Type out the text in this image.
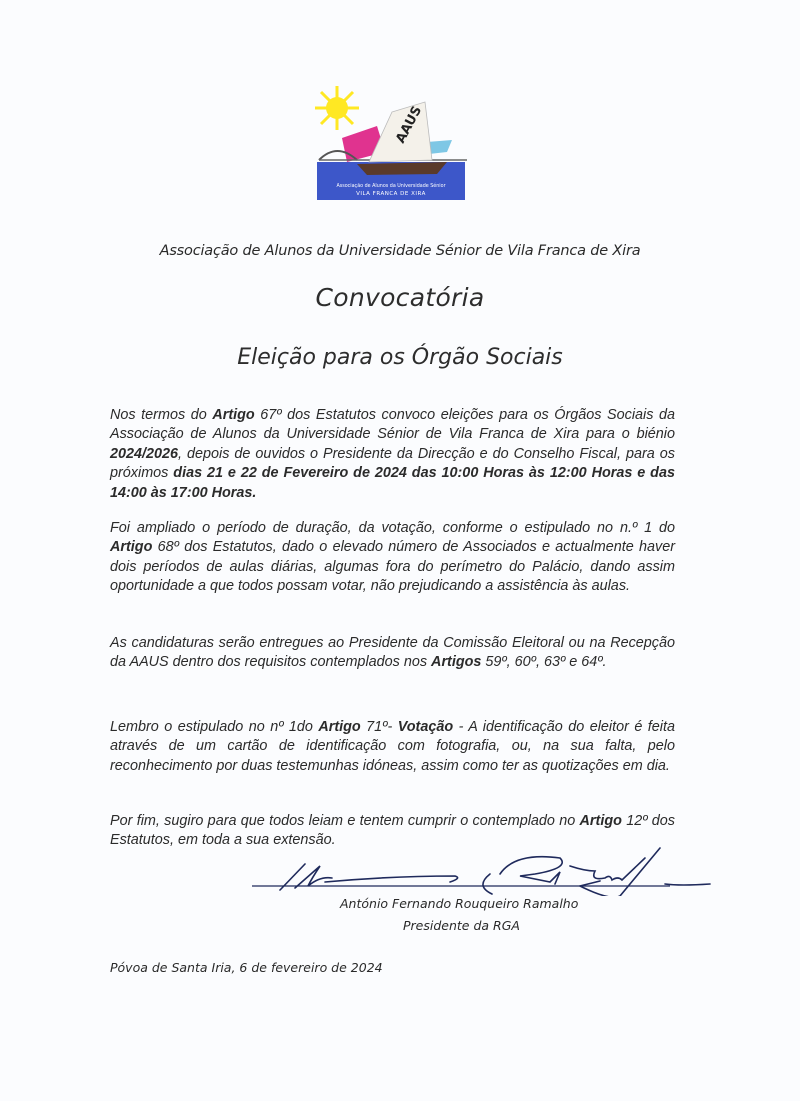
AAUS
Associação de Alunos da Universidade Sénior
VILA FRANCA DE XIRA
Associação de Alunos da Universidade Sénior de Vila Franca de Xira
Convocatória
Eleição para os Órgão Sociais

Nos termos do Artigo 67º dos Estatutos convoco eleições para os Órgãos Sociais da Associação de Alunos da Universidade Sénior de Vila Franca de Xira para o biénio 2024/2026, depois de ouvidos o Presidente da Direcção e do Conselho Fiscal, para os próximos dias 21 e 22 de Fevereiro de 2024 das 10:00 Horas às 12:00 Horas e das 14:00 às 17:00 Horas.

Foi ampliado o período de duração, da votação, conforme o estipulado no n.º 1 do Artigo 68º dos Estatutos, dado o elevado número de Associados e actualmente haver dois períodos de aulas diárias, algumas fora do perímetro do Palácio, dando assim oportunidade a que todos possam votar, não prejudicando a assistência às aulas.

As candidaturas serão entregues ao Presidente da Comissão Eleitoral ou na Recepção da AAUS dentro dos requisitos contemplados nos Artigos 59º, 60º, 63º e 64º.

Lembro o estipulado no nº 1do Artigo 71º- Votação - A identificação do eleitor é feita através de um cartão de identificação com fotografia, ou, na sua falta, pelo reconhecimento por duas testemunhas idóneas, assim como ter as quotizações em dia.

Por fim, sugiro para que todos leiam e tentem cumprir o contemplado no Artigo 12º dos Estatutos, em toda a sua extensão.

António Fernando Rouqueiro Ramalho
Presidente da RGA
Póvoa de Santa Iria, 6 de fevereiro de 2024
